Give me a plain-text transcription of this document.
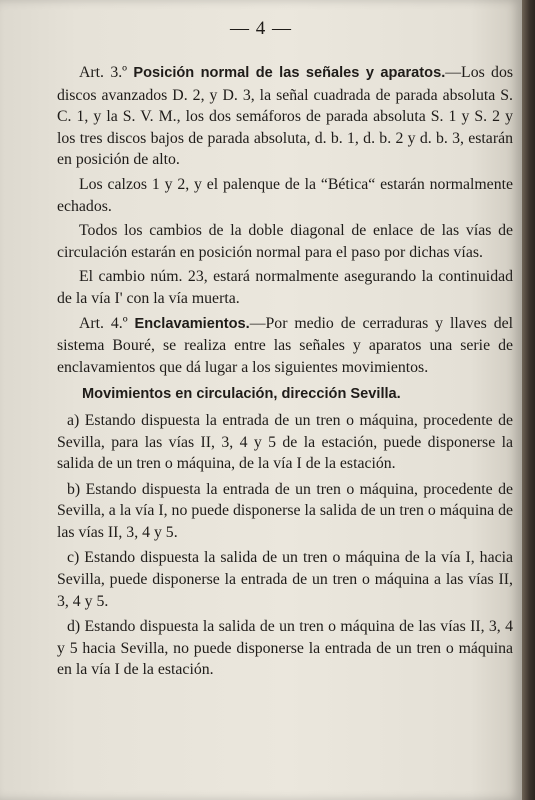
— 4 —

Art. 3.º Posición normal de las señales y aparatos.—Los dos discos avanzados D. 2, y D. 3, la señal cuadrada de parada absoluta S. C. 1, y la S. V. M., los dos semáforos de parada absoluta S. 1 y S. 2 y los tres discos bajos de parada absoluta, d. b. 1, d. b. 2 y d. b. 3, estarán en posición de alto.

Los calzos 1 y 2, y el palenque de la “Bética“ estarán normalmente echados.

Todos los cambios de la doble diagonal de enlace de las vías de circulación estarán en posición normal para el paso por dichas vías.

El cambio núm. 23, estará normalmente asegurando la continuidad de la vía I' con la vía muerta.

Art. 4.º Enclavamientos.—Por medio de cerraduras y llaves del sistema Bouré, se realiza entre las señales y aparatos una serie de enclavamientos que dá lugar a los siguientes movimientos.

Movimientos en circulación, dirección Sevilla.

a) Estando dispuesta la entrada de un tren o máquina, procedente de Sevilla, para las vías II, 3, 4 y 5 de la estación, puede disponerse la salida de un tren o máquina, de la vía I de la estación.

b) Estando dispuesta la entrada de un tren o máquina, procedente de Sevilla, a la vía I, no puede disponerse la salida de un tren o máquina de las vías II, 3, 4 y 5.

c) Estando dispuesta la salida de un tren o máquina de la vía I, hacia Sevilla, puede disponerse la entrada de un tren o máquina a las vías II, 3, 4 y 5.

d) Estando dispuesta la salida de un tren o máquina de las vías II, 3, 4 y 5 hacia Sevilla, no puede disponerse la entrada de un tren o máquina en la vía I de la estación.
